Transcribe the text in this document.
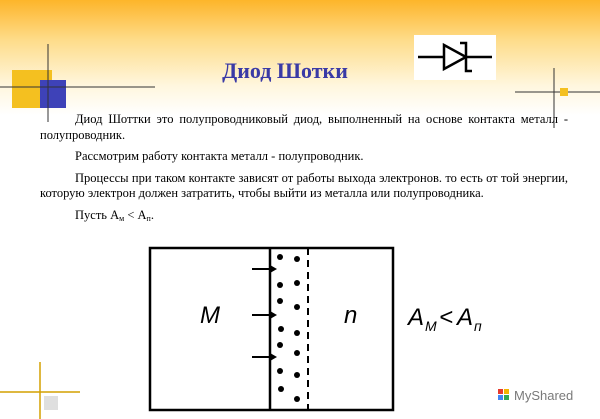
Диод Шотки

Диод Шоттки это полупроводниковый диод, выполненный на основе контакта металл - полупроводник.

Рассмотрим работу контакта металл - полупроводник.

Процессы при таком контакте зависят от работы выхода электронов. то есть от той энергии, которую электрон должен затратить, чтобы выйти из металла или полупроводника.

Пусть $A_м < A_п$.

M	n A M < A п
MyShared
